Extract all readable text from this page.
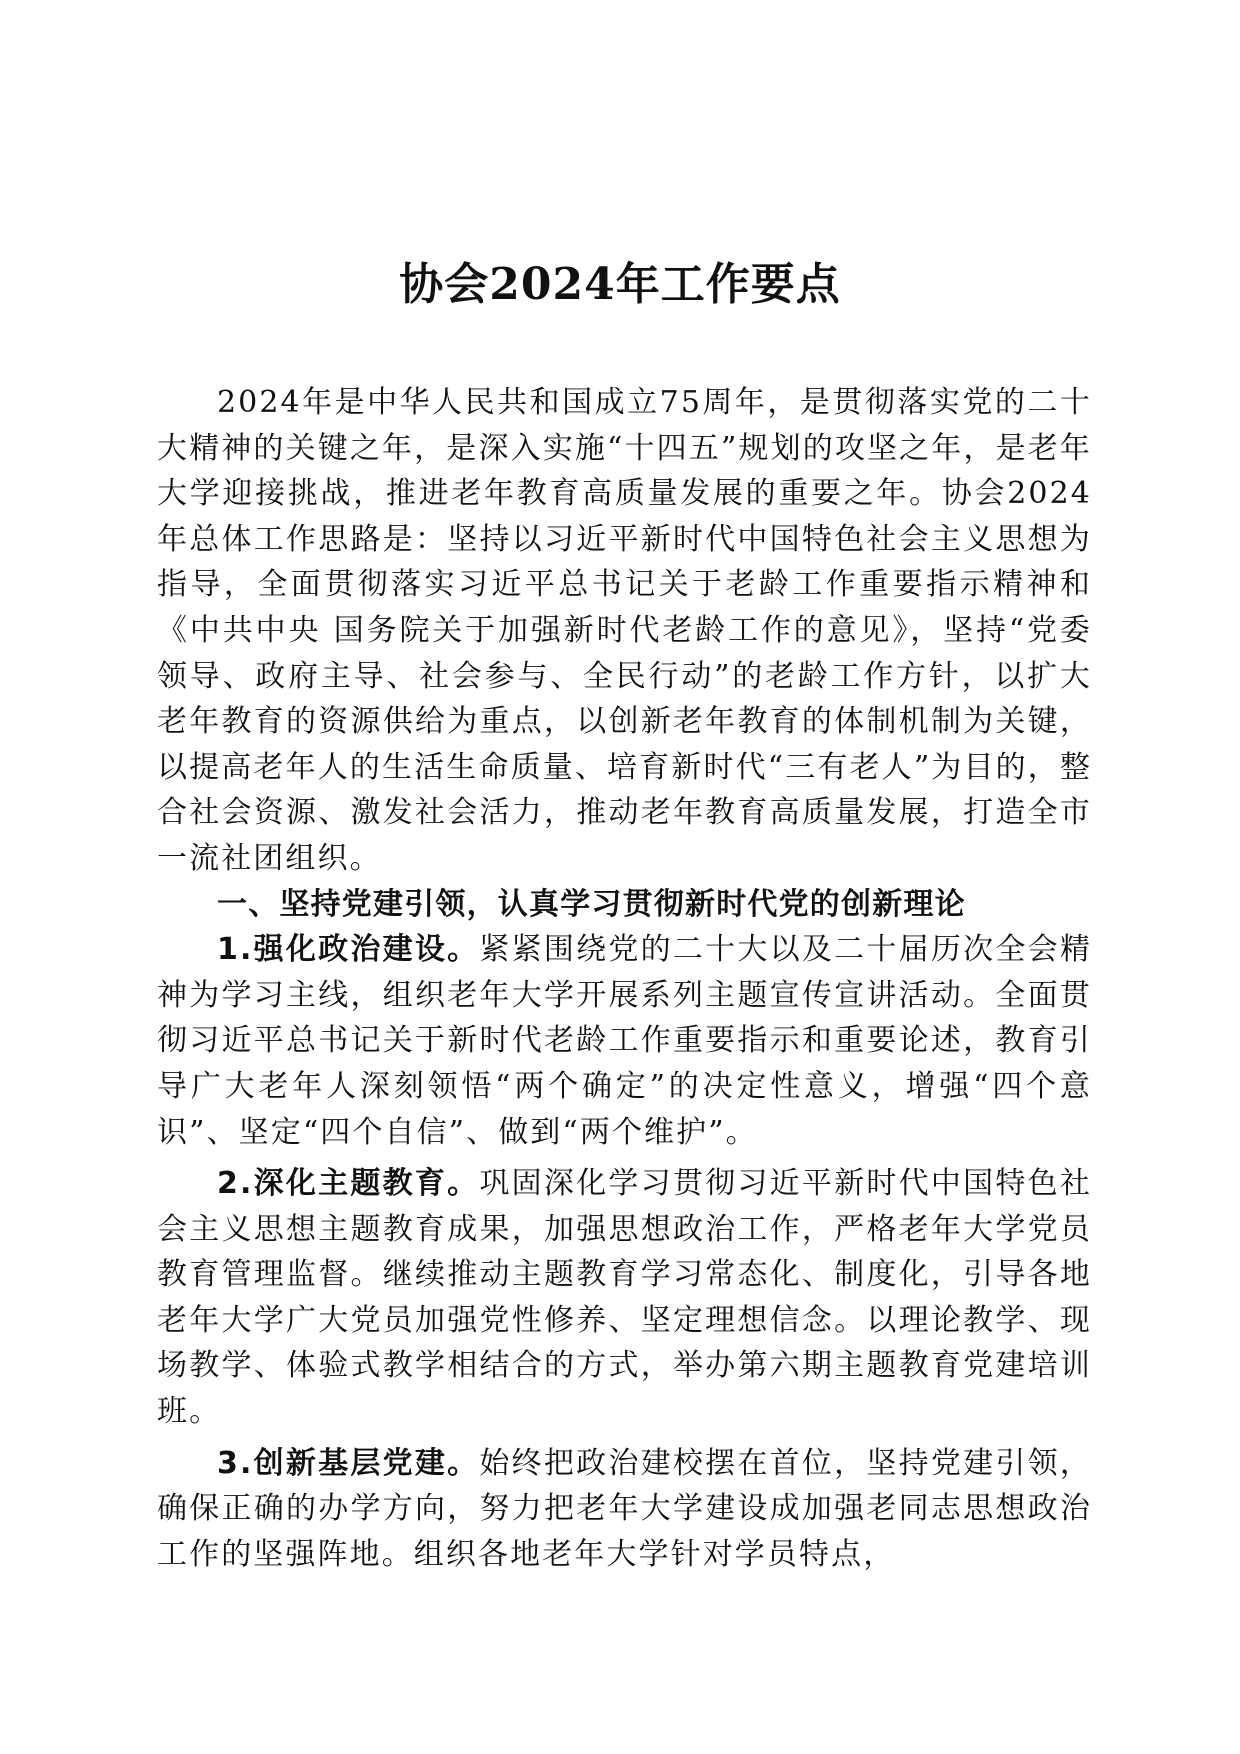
协会2024年工作要点

2024年是中华人民共和国成立75周年，是贯彻落实党的二十大精神的关键之年，是深入实施“十四五”规划的攻坚之年，是老年大学迎接挑战，推进老年教育高质量发展的重要之年。协会2024年总体工作思路是：坚持以习近平新时代中国特色社会主义思想为指导，全面贯彻落实习近平总书记关于老龄工作重要指示精神和《中共中央 国务院关于加强新时代老龄工作的意见》，坚持“党委领导、政府主导、社会参与、全民行动”的老龄工作方针，以扩大老年教育的资源供给为重点，以创新老年教育的体制机制为关键，以提高老年人的生活生命质量、培育新时代“三有老人”为目的，整合社会资源、激发社会活力，推动老年教育高质量发展，打造全市一流社团组织。

一、坚持党建引领，认真学习贯彻新时代党的创新理论

1.强化政治建设。紧紧围绕党的二十大以及二十届历次全会精神为学习主线，组织老年大学开展系列主题宣传宣讲活动。全面贯彻习近平总书记关于新时代老龄工作重要指示和重要论述，教育引导广大老年人深刻领悟“两个确定”的决定性意义，增强“四个意识”、坚定“四个自信”、做到“两个维护”。

2.深化主题教育。巩固深化学习贯彻习近平新时代中国特色社会主义思想主题教育成果，加强思想政治工作，严格老年大学党员教育管理监督。继续推动主题教育学习常态化、制度化，引导各地老年大学广大党员加强党性修养、坚定理想信念。以理论教学、现场教学、体验式教学相结合的方式，举办第六期主题教育党建培训班。

3.创新基层党建。始终把政治建校摆在首位，坚持党建引领，确保正确的办学方向，努力把老年大学建设成加强老同志思想政治工作的坚强阵地。组织各地老年大学针对学员特点，
